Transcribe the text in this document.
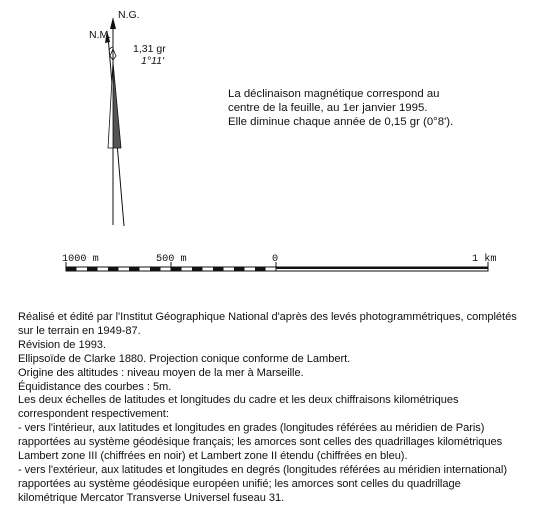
N.G.
N.M.
1,31 gr
1°11'
La déclinaison magnétique correspond au
centre de la feuille, au 1er janvier 1995.
Elle diminue chaque année de 0,15 gr (0°8').
1000 m	500 m	0	1 km
Réalisé et édité par l'Institut Géographique National d'après des levés photogrammétriques, complétés
sur le terrain en 1949-87.
Révision de 1993.
Ellipsoïde de Clarke 1880. Projection conique conforme de Lambert.
Origine des altitudes : niveau moyen de la mer à Marseille.
Équidistance des courbes : 5m.
Les deux échelles de latitudes et longitudes du cadre et les deux chiffraisons kilométriques
correspondent respectivement:
- vers l'intérieur, aux latitudes et longitudes en grades (longitudes référées au méridien de Paris)
rapportées au système géodésique français; les amorces sont celles des quadrillages kilométriques
Lambert zone III (chiffrées en noir) et Lambert zone II étendu (chiffrées en bleu).
- vers l'extérieur, aux latitudes et longitudes en degrés (longitudes référées au méridien international)
rapportées au système géodésique européen unifié; les amorces sont celles du quadrillage
kilométrique Mercator Transverse Universel fuseau 31.
